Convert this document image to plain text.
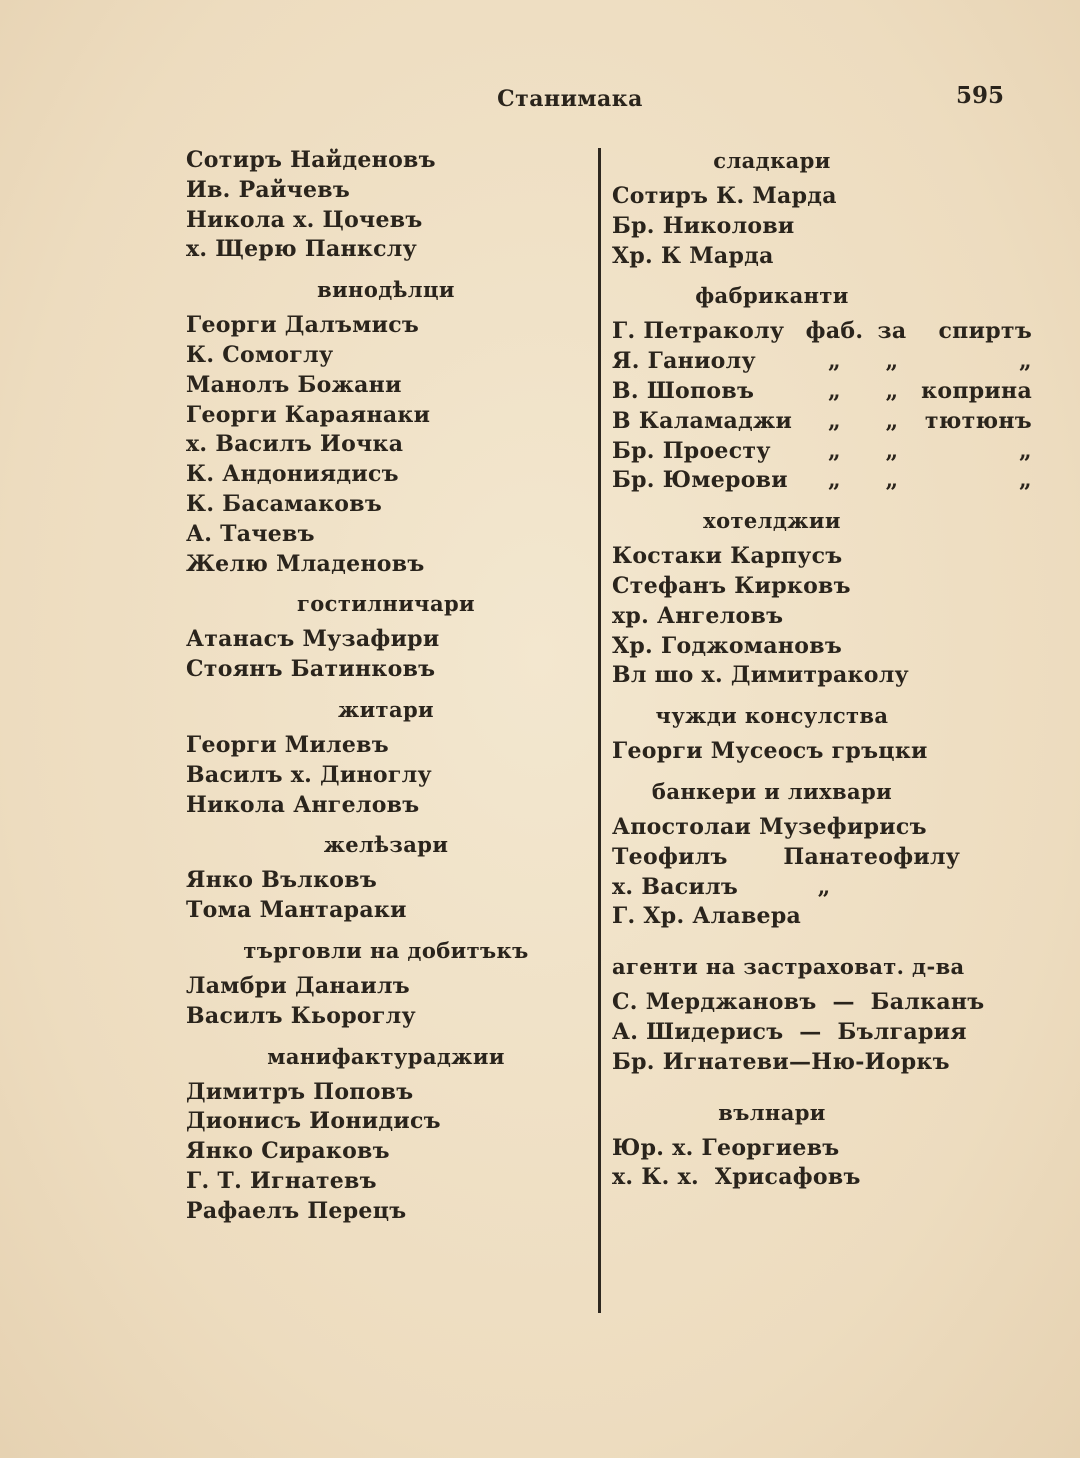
Станимака	595
Сотиръ Найденовъ
Ив. Райчевъ
Никола х. Цочевъ
х. Щерю Панкслу
винодѣлци
Георги Далъмисъ
К. Сомоглу
Манолъ Божани
Георги Караянаки
х. Василъ Иочка
К. Андониядисъ
К. Басамаковъ
А. Тачевъ
Желю Младеновъ
гостилничари
Атанасъ Музафири
Стоянъ Батинковъ
житари
Георги Милевъ
Василъ х. Диноглу
Никола Ангеловъ
желѣзари
Янко Вълковъ
Тома Мантараки
търговли на добитъкъ
Ламбри Данаилъ
Василъ Кьороглу
манифактураджии
Димитръ Поповъ
Дионисъ Ионидисъ
Янко Сираковъ
Г. Т. Игнатевъ
Рафаелъ Перецъ
сладкари
Сотиръ К. Марда
Бр. Николови
Хр. К Марда
фабриканти
Г. Петраколу фаб. за	спиртъ
Я. Ганиолу	„	„	„
В. Шоповъ	„	„	коприна
В Каламаджи	„	„	тютюнъ
Бр. Проесту	„	„	„
Бр. Юмерови	„	„	„
хотелджии
Костаки Карпусъ
Стефанъ Кирковъ
хр. Ангеловъ
Хр. Годжомановъ
Вл шо х. Димитраколу
чужди консулства
Георги Мусеосъ гръцки
банкери и лихвари
Апостолаи Музефирисъ
Теофилъ       Панатеофилу
х. Василъ          „
Г. Хр. Алавера
агенти на застраховат. д-ва
С. Мерджановъ  —  Балканъ
А. Шидерисъ  —  България
Бр. Игнатеви—Ню-Иоркъ
вълнари
Юр. х. Георгиевъ
х. К. х.  Хрисафовъ
